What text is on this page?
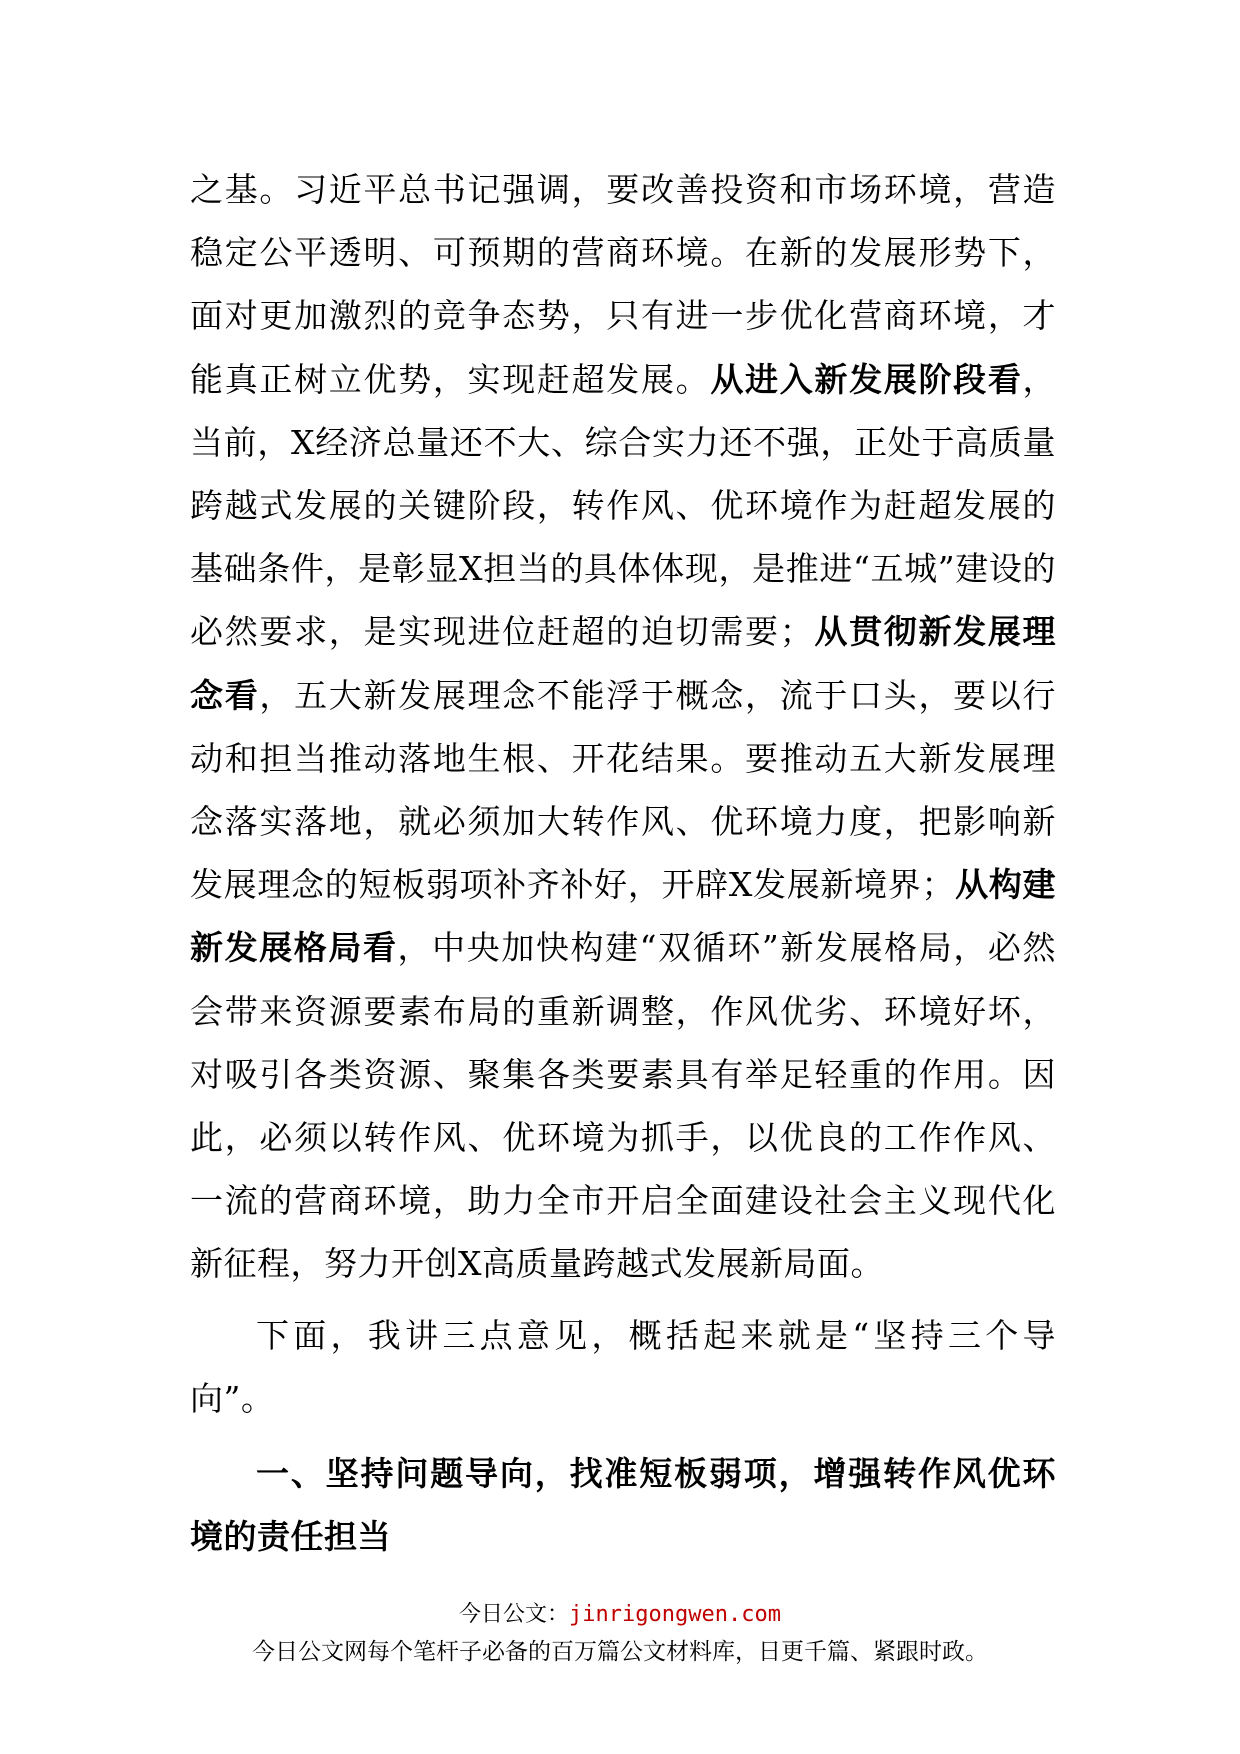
之基。习近平总书记强调，要改善投资和市场环境，营造稳定公平透明、可预期的营商环境。在新的发展形势下，面对更加激烈的竞争态势，只有进一步优化营商环境，才能真正树立优势，实现赶超发展。从进入新发展阶段看，当前，X经济总量还不大、综合实力还不强，正处于高质量跨越式发展的关键阶段，转作风、优环境作为赶超发展的基础条件，是彰显X担当的具体体现，是推进“五城”建设的必然要求，是实现进位赶超的迫切需要；从贯彻新发展理念看，五大新发展理念不能浮于概念，流于口头，要以行动和担当推动落地生根、开花结果。要推动五大新发展理念落实落地，就必须加大转作风、优环境力度，把影响新发展理念的短板弱项补齐补好，开辟X发展新境界；从构建新发展格局看，中央加快构建“双循环”新发展格局，必然会带来资源要素布局的重新调整，作风优劣、环境好坏，对吸引各类资源、聚集各类要素具有举足轻重的作用。因此，必须以转作风、优环境为抓手，以优良的工作作风、一流的营商环境，助力全市开启全面建设社会主义现代化新征程，努力开创X高质量跨越式发展新局面。

下面，我讲三点意见，概括起来就是“坚持三个导向”。

一、坚持问题导向，找准短板弱项，增强转作风优环境的责任担当

今日公文：jinrigongwen.com
今日公文网每个笔杆子必备的百万篇公文材料库，日更千篇、紧跟时政。
